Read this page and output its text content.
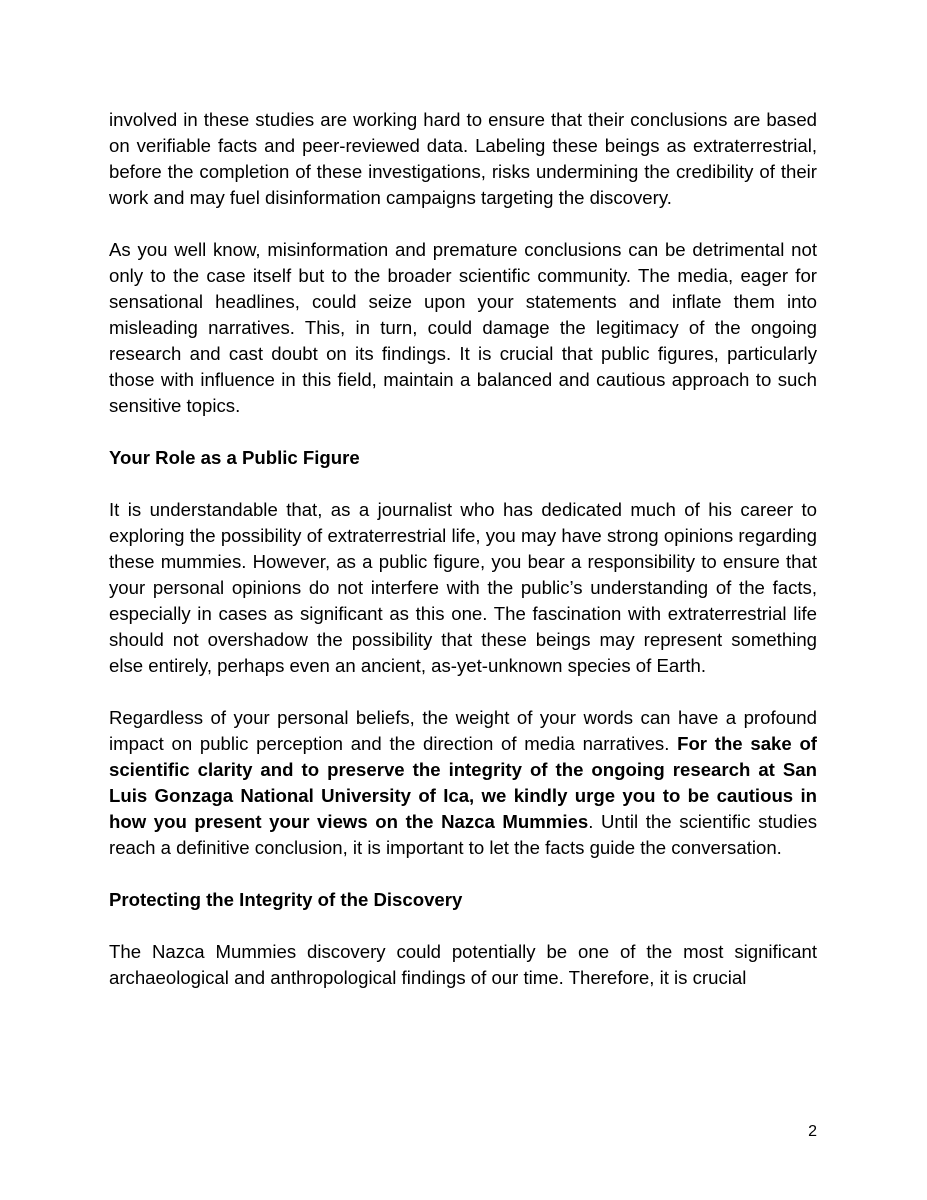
involved in these studies are working hard to ensure that their conclusions are based on verifiable facts and peer-reviewed data. Labeling these beings as extraterrestrial, before the completion of these investigations, risks undermining the credibility of their work and may fuel disinformation campaigns targeting the discovery.

As you well know, misinformation and premature conclusions can be detrimental not only to the case itself but to the broader scientific community. The media, eager for sensational headlines, could seize upon your statements and inflate them into misleading narratives. This, in turn, could damage the legitimacy of the ongoing research and cast doubt on its findings. It is crucial that public figures, particularly those with influence in this field, maintain a balanced and cautious approach to such sensitive topics.

Your Role as a Public Figure

It is understandable that, as a journalist who has dedicated much of his career to exploring the possibility of extraterrestrial life, you may have strong opinions regarding these mummies. However, as a public figure, you bear a responsibility to ensure that your personal opinions do not interfere with the public’s understanding of the facts, especially in cases as significant as this one. The fascination with extraterrestrial life should not overshadow the possibility that these beings may represent something else entirely, perhaps even an ancient, as-yet-unknown species of Earth.

Regardless of your personal beliefs, the weight of your words can have a profound impact on public perception and the direction of media narratives. For the sake of scientific clarity and to preserve the integrity of the ongoing research at San Luis Gonzaga National University of Ica, we kindly urge you to be cautious in how you present your views on the Nazca Mummies. Until the scientific studies reach a definitive conclusion, it is important to let the facts guide the conversation.

Protecting the Integrity of the Discovery

The Nazca Mummies discovery could potentially be one of the most significant archaeological and anthropological findings of our time. Therefore, it is crucial

2
